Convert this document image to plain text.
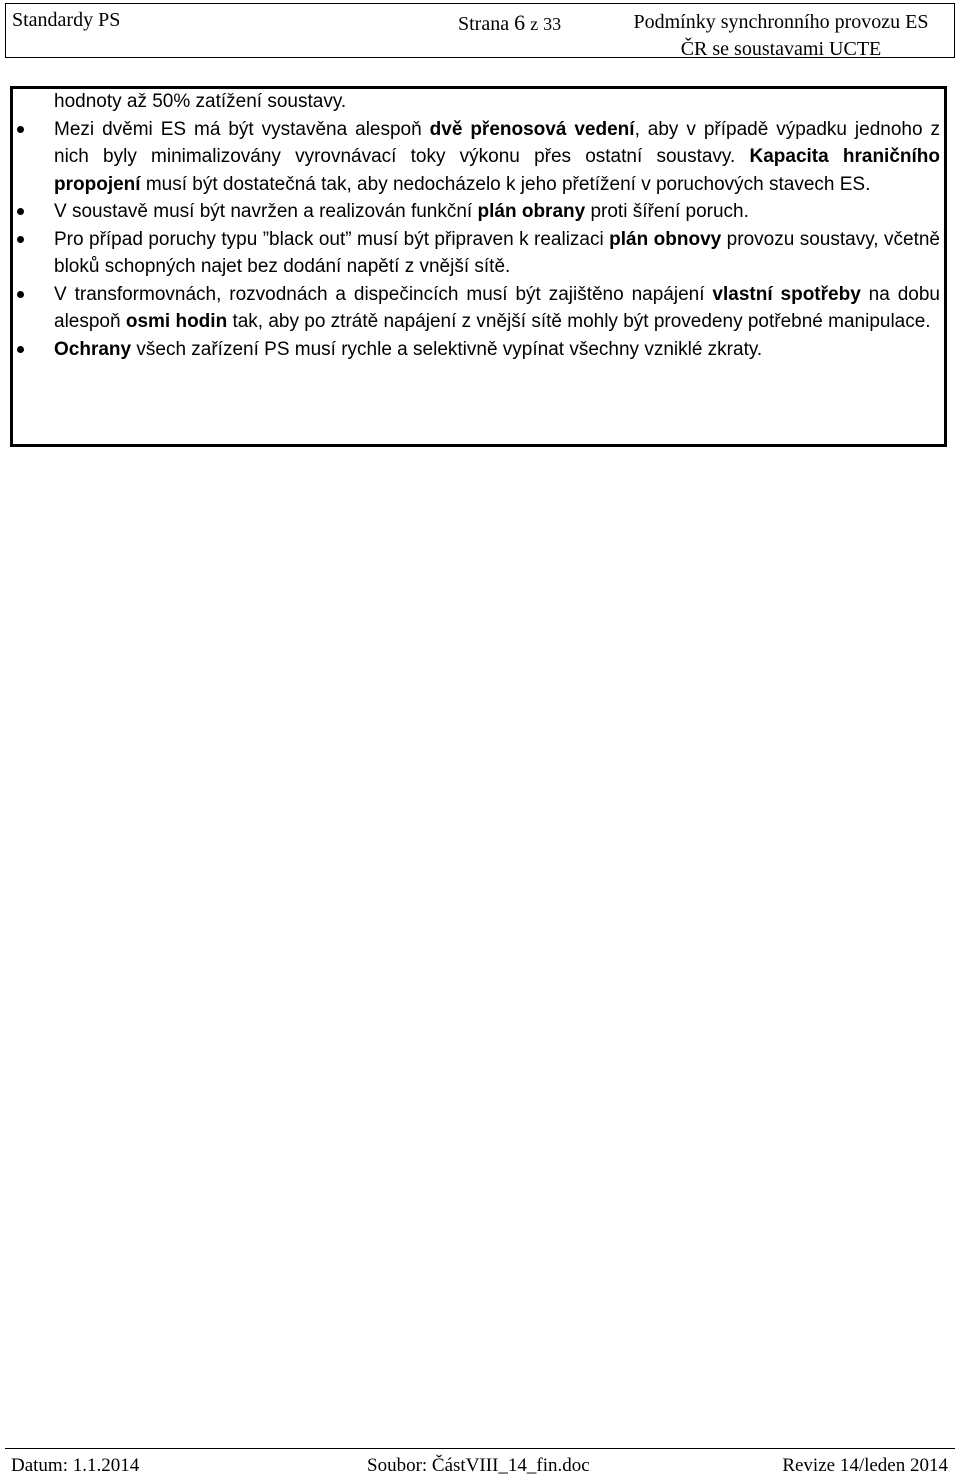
Standardy PS	Strana 6 z 33	Podmínky synchronního provozu ES
ČR se soustavami UCTE

hodnoty až 50% zatížení soustavy.

Mezi dvěmi ES má být vystavěna alespoň dvě přenosová vedení, aby v případě výpadku jednoho z nich byly minimalizovány vyrovnávací toky výkonu přes ostatní soustavy. Kapacita hraničního propojení musí být dostatečná tak, aby nedocházelo k jeho přetížení v poruchových stavech ES.

V soustavě musí být navržen a realizován funkční plán obrany proti šíření poruch.

Pro případ poruchy typu ”black out” musí být připraven k realizaci plán obnovy provozu soustavy, včetně bloků schopných najet bez dodání napětí z vnější sítě.

V transformovnách, rozvodnách a dispečincích musí být zajištěno napájení vlastní spotřeby na dobu alespoň osmi hodin tak, aby po ztrátě napájení z vnější sítě mohly být provedeny potřebné manipulace.

Ochrany všech zařízení PS musí rychle a selektivně vypínat všechny vzniklé zkraty.

Datum: 1.1.2014	Soubor: ČástVIII_14_fin.doc	Revize 14/leden 2014
